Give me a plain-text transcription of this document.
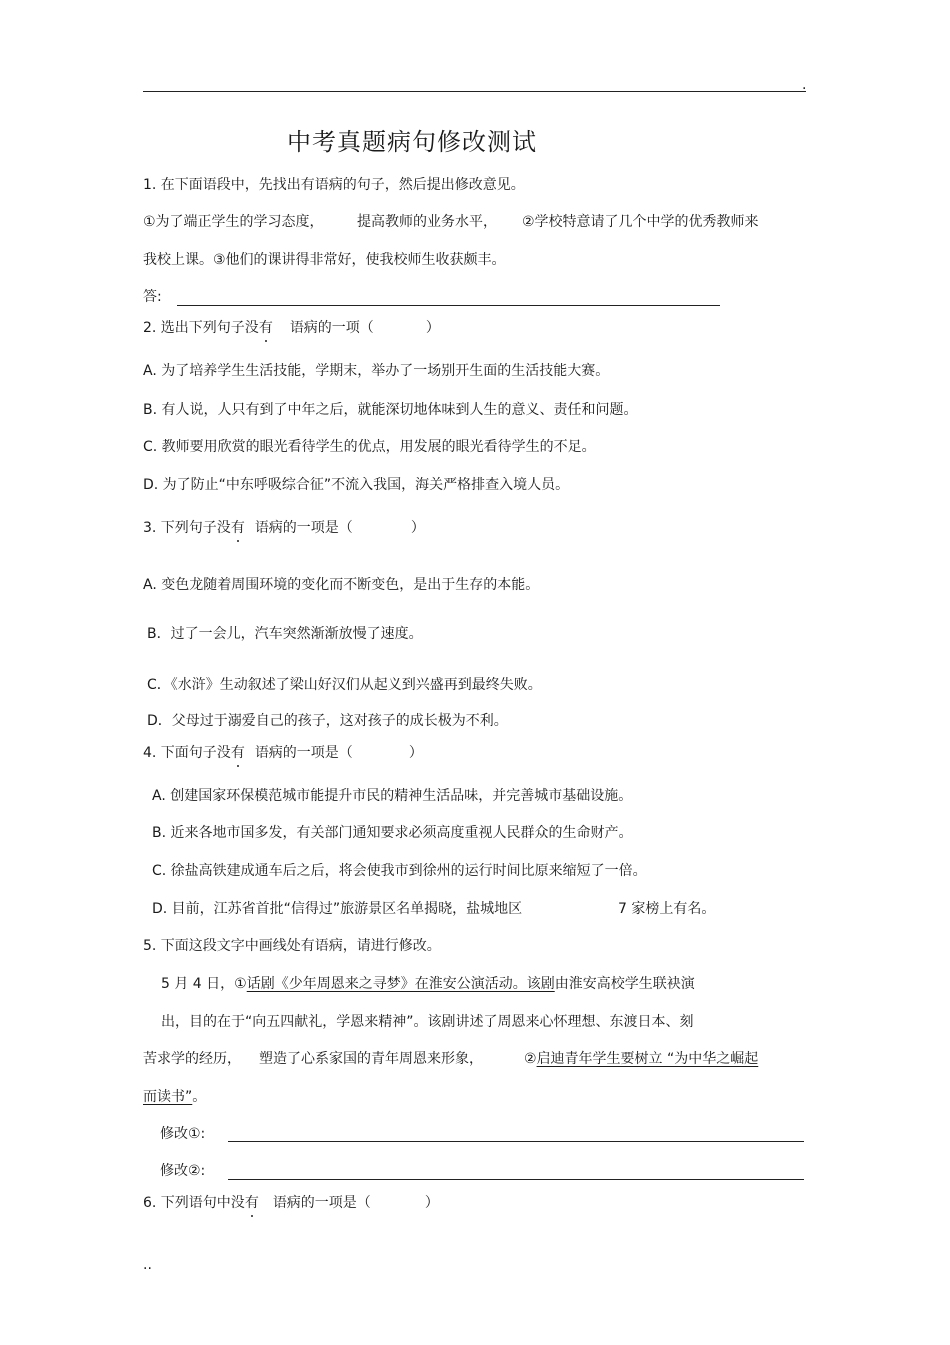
.
中考真题病句修改测试
1. 在下面语段中，先找出有语病的句子，然后提出修改意见。
①为了端正学生的学习态度， 提高教师的业务水平， ②学校特意请了几个中学的优秀教师来
我校上课。③他们的课讲得非常好，使我校师生收获颇丰。
答:
2. 选出下列句子没有 语病的一项（	）
A. 为了培养学生生活技能，学期末，举办了一场别开生面的生活技能大赛。
B. 有人说，人只有到了中年之后，就能深切地体味到人生的意义、责任和问题。
C. 教师要用欣赏的眼光看待学生的优点，用发展的眼光看待学生的不足。
D. 为了防止“中东呼吸综合征”不流入我国，海关严格排查入境人员。
3. 下列句子没有 语病的一项是（	）
A. 变色龙随着周围环境的变化而不断变色，是出于生存的本能。
B．过了一会儿，汽车突然渐渐放慢了速度。
C．《水浒》生动叙述了梁山好汉们从起义到兴盛再到最终失败。
D．父母过于溺爱自己的孩子，这对孩子的成长极为不利。
4. 下面句子没有 语病的一项是（	）
A. 创建国家环保模范城市能提升市民的精神生活品味，并完善城市基础设施。
B. 近来各地市国多发，有关部门通知要求必须高度重视人民群众的生命财产。
C. 徐盐高铁建成通车后之后，将会使我市到徐州的运行时间比原来缩短了一倍。
D. 目前，江苏省首批“信得过”旅游景区名单揭晓，盐城地区	7 家榜上有名。
5. 下面这段文字中画线处有语病，请进行修改。
5 月 4 日，①话剧《少年周恩来之寻梦》在淮安公演活动。该剧由淮安高校学生联袂演
出，目的在于“向五四献礼，学恩来精神”。该剧讲述了周恩来心怀理想、东渡日本、刻
苦求学的经历， 塑造了心系家国的青年周恩来形象，	②启迪青年学生要树立 “为中华之崛起
而读书”。
修改①:
修改②:
6. 下列语句中没有 语病的一项是（	）
..
